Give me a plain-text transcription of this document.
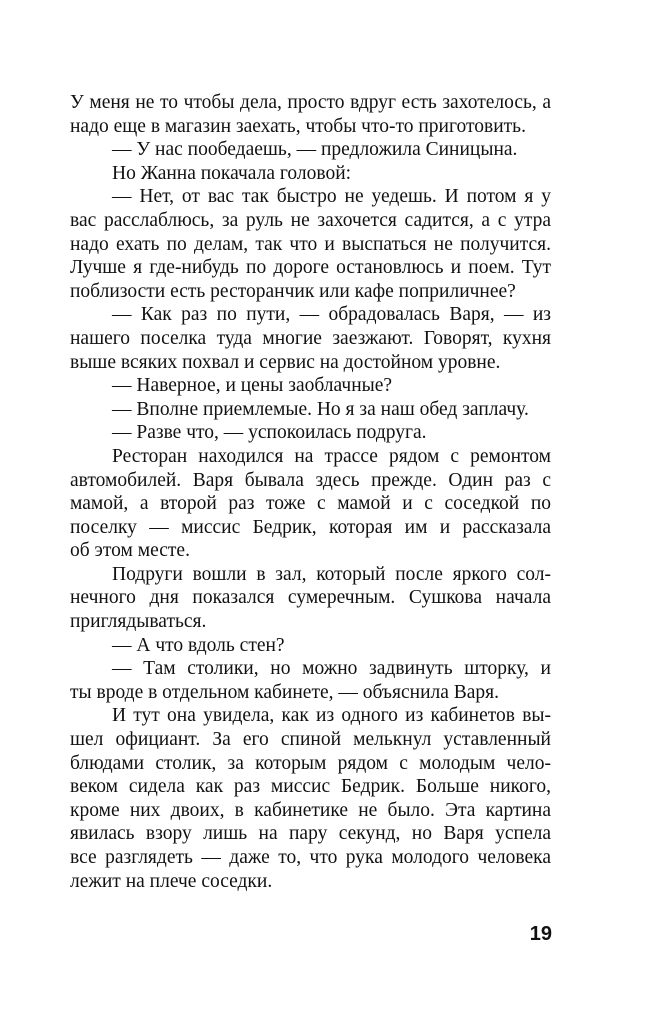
У меня не то чтобы дела, просто вдруг есть захотелось, а
надо еще в магазин заехать, чтобы что-то приготовить.
— У нас пообедаешь, — предложила Синицына.
Но Жанна покачала головой:
— Нет, от вас так быстро не уедешь. И потом я у
вас расслаблюсь, за руль не захочется садится, а с утра
надо ехать по делам, так что и выспаться не получится.
Лучше я где-нибудь по дороге остановлюсь и поем. Тут
поблизости есть ресторанчик или кафе поприличнее?
— Как раз по пути, — обрадовалась Варя, — из
нашего поселка туда многие заезжают. Говорят, кухня
выше всяких похвал и сервис на достойном уровне.
— Наверное, и цены заоблачные?
— Вполне приемлемые. Но я за наш обед заплачу.
— Разве что, — успокоилась подруга.
Ресторан находился на трассе рядом с ремонтом
автомобилей. Варя бывала здесь прежде. Один раз с
мамой, а второй раз тоже с мамой и с соседкой по
поселку — миссис Бедрик, которая им и рассказала
об этом месте.
Подруги вошли в зал, который после яркого сол-
нечного дня показался сумеречным. Сушкова начала
приглядываться.
— А что вдоль стен?
— Там столики, но можно задвинуть шторку, и
ты вроде в отдельном кабинете, — объяснила Варя.
И тут она увидела, как из одного из кабинетов вы-
шел официант. За его спиной мелькнул уставленный
блюдами столик, за которым рядом с молодым чело-
веком сидела как раз миссис Бедрик. Больше никого,
кроме них двоих, в кабинетике не было. Эта картина
явилась взору лишь на пару секунд, но Варя успела
все разглядеть — даже то, что рука молодого человека
лежит на плече соседки.
19
